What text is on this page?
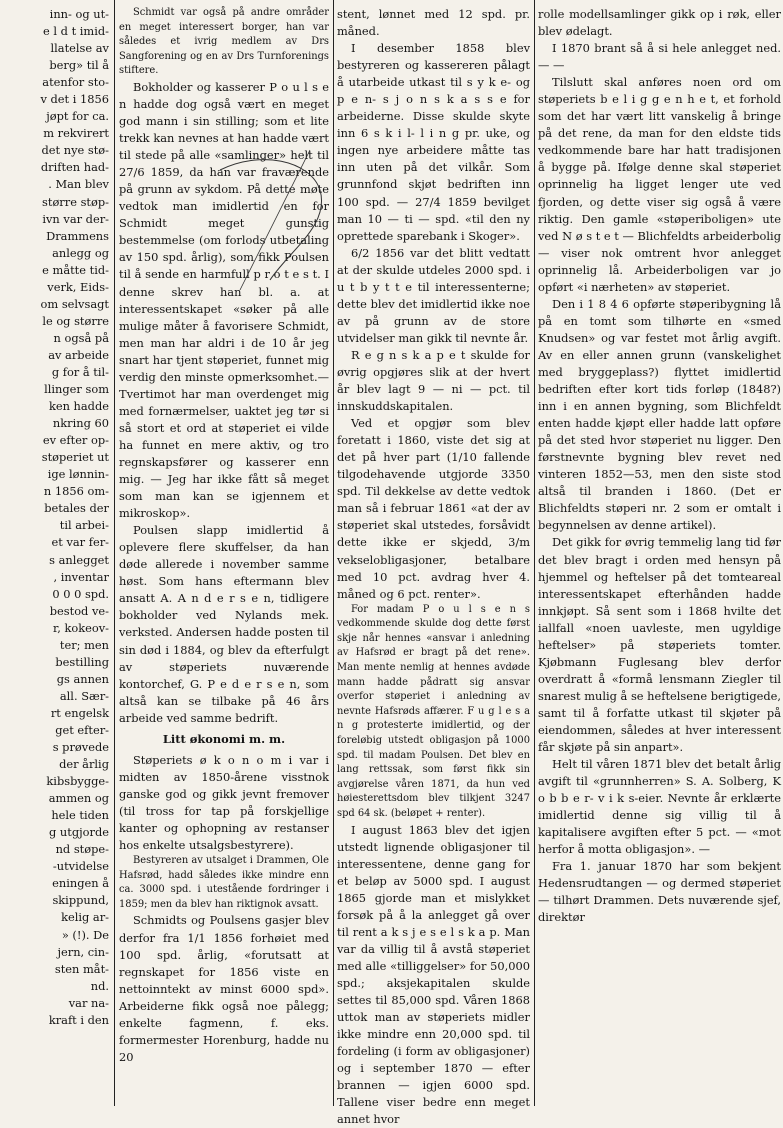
inn- og ut-

e l d t imid-

llatelse av

berg» til å

atenfor sto-

v det i 1856

jøpt for ca.

m rekvirert

det nye stø-

driften had-

. Man blev

større støp-

ivn var der-

Drammens

anlegg og

e måtte tid-

verk, Eids-

om selvsagt

le og større

n også på

av arbeide

g for å til-

llinger som

ken hadde

nkring 60

ev efter op-

støperiet ut

ige lønnin-

n 1856 om-

betales der

til arbei-

et var fer-

s anlegget

, inventar

0 0 0 spd.

bestod ve-

r, kokeov-

ter; men

bestilling

gs annen

all. Sær-

rt engelsk

get efter-

s prøvede

der årlig

kibsbygge-

ammen og

hele tiden

g utgjorde

nd støpe-

-utvidelse

eningen å

skippund,

kelig ar-

» (!). De

jern, cin-

sten måt-

nd.

var na-

kraft i den

Schmidt var også på andre områder en meget interessert borger, han var således et ivrig medlem av Drs Sangforening og en av Drs Turnforenings stiftere.

Bokholder og kasserer P o u l s e n hadde dog også vært en meget god mann i sin stilling; som et lite trekk kan nevnes at han hadde vært til stede på alle «samlinger» helt til 27/6 1859, da han var fraværende på grunn av sykdom. På dette møte vedtok man imidlertid en for Schmidt meget gunstig bestemmelse (om forlods utbetaling av 150 spd. årlig), som fikk Poulsen til å sende en harmfull p r o t e s t. I denne skrev han bl. a. at interessentskapet «søker på alle mulige måter å favorisere Schmidt, men man har aldri i de 10 år jeg snart har tjent støperiet, funnet mig verdig den minste opmerksomhet.— Tvertimot har man overdenget mig med fornærmelser, uaktet jeg tør si så stort et ord at støperiet ei vilde ha funnet en mere aktiv, og tro regnskapsfører og kasserer enn mig. — Jeg har ikke fått så meget som man kan se igjennem et mikroskop».

Poulsen slapp imidlertid å oplevere flere skuffelser, da han døde allerede i november samme høst. Som hans eftermann blev ansatt A. A n d e r s e n, tidligere bokholder ved Nylands mek. verksted. Andersen hadde posten til sin død i 1884, og blev da efterfulgt av støperiets nuværende kontorchef, G. P e d e r s e n, som altså kan se tilbake på 46 års arbeide ved samme bedrift.

Litt økonomi m. m.

Støperiets ø k o n o m i var i midten av 1850-årene visstnok ganske god og gikk jevnt fremover (til tross for tap på forskjellige kanter og ophopning av restanser hos enkelte utsalgsbestyrere).

Bestyreren av utsalget i Drammen, Ole Hafsrød, hadd således ikke mindre enn ca. 3000 spd. i utestående fordringer i 1859; men da blev han riktignok avsatt.

Schmidts og Poulsens gasjer blev derfor fra 1/1 1856 forhøiet med 100 spd. årlig, «forutsatt at regnskapet for 1856 viste en nettoinntekt av minst 6000 spd». Arbeiderne fikk også noe pålegg; enkelte fagmenn, f. eks. formermester Horenburg, hadde nu 20

stent, lønnet med 12 spd. pr. måned.

I desember 1858 blev bestyreren og kassereren pålagt å utarbeide utkast til s y k e- og p e n- s j o n s k a s s e for arbeiderne. Disse skulde skyte inn 6 s k i l- l i n g pr. uke, og ingen nye arbeidere måtte tas inn uten på det vilkår. Som grunnfond skjøt bedriften inn 100 spd. — 27/4 1859 bevilget man 10 — ti — spd. «til den ny oprettede sparebank i Skoger».

6/2 1856 var det blitt vedtatt at der skulde utdeles 2000 spd. i u t b y t t e til interessenterne; dette blev det imidlertid ikke noe av på grunn av de store utvidelser man gikk til nevnte år.

R e g n s k a p e t skulde for øvrig opgjøres slik at der hvert år blev lagt 9 — ni — pct. til innskuddskapitalen.

Ved et opgjør som blev foretatt i 1860, viste det sig at det på hver part (1/10 fallende tilgodehavende utgjorde 3350 spd. Til dekkelse av dette vedtok man så i februar 1861 «at der av støperiet skal utstedes, forsåvidt dette ikke er skjedd, 3/m vekselobligasjoner, betalbare med 10 pct. avdrag hver 4. måned og 6 pct. renter».

For madam P o u l s e n s vedkommende skulde dog dette først skje når hennes «ansvar i anledning av Hafsrød er bragt på det rene». Man mente nemlig at hennes avdøde mann hadde pådratt sig ansvar overfor støperiet i anledning av nevnte Hafsrøds affærer. F u g l e s a n g protesterte imidlertid, og der foreløbig utstedt obligasjon på 1000 spd. til madam Poulsen. Det blev en lang rettssak, som først fikk sin avgjørelse våren 1871, da hun ved høiesterettsdom blev tilkjent 3247 spd 64 sk. (beløpet + renter).

I august 1863 blev det igjen utstedt lignende obligasjoner til interessentene, denne gang for et beløp av 5000 spd. I august 1865 gjorde man et mislykket forsøk på å la anlegget gå over til rent a k s j e s e l s k a p. Man var da villig til å avstå støperiet med alle «tilliggelser» for 50,000 spd.; aksjekapitalen skulde settes til 85,000 spd. Våren 1868 uttok man av støperiets midler ikke mindre enn 20,000 spd. til fordeling (i form av obligasjoner) og i september 1870 — efter brannen — igjen 6000 spd. Tallene viser bedre enn meget annet hvor

rolle modellsamlinger gikk op i røk, eller blev ødelagt.

I 1870 brant så å si hele anlegget ned. — —

Tilslutt skal anføres noen ord om støperiets b e l i g g e n h e t, et forhold som det har vært litt vanskelig å bringe på det rene, da man for den eldste tids vedkommende bare har hatt tradisjonen å bygge på. Ifølge denne skal støperiet oprinnelig ha ligget lenger ute ved fjorden, og dette viser sig også å være riktig. Den gamle «støperiboligen» ute ved N ø s t e t — Blichfeldts arbeiderbolig — viser nok omtrent hvor anlegget oprinnelig lå. Arbeiderboligen var jo opført «i nærheten» av støperiet.

Den i 1 8 4 6 opførte støperibygning lå på en tomt som tilhørte en «smed Knudsen» og var festet mot årlig avgift. Av en eller annen grunn (vanskelighet med bryggeplass?) flyttet imidlertid bedriften efter kort tids forløp (1848?) inn i en annen bygning, som Blichfeldt enten hadde kjøpt eller hadde latt opføre på det sted hvor støperiet nu ligger. Den førstnevnte bygning blev revet ned vinteren 1852—53, men den siste stod altså til branden i 1860. (Det er Blichfeldts støperi nr. 2 som er omtalt i begynnelsen av denne artikel).

Det gikk for øvrig temmelig lang tid før det blev bragt i orden med hensyn på hjemmel og heftelser på det tomteareal interessentskapet efterhånden hadde innkjøpt. Så sent som i 1868 hvilte det iallfall «noen uavleste, men ugyldige heftelser» på støperiets tomter. Kjøbmann Fuglesang blev derfor overdratt å «formå lensmann Ziegler til snarest mulig å se heftelsene berigtigede, samt til å forfatte utkast til skjøter på eiendommen, således at hver interessent får skjøte på sin anpart».

Helt til våren 1871 blev det betalt årlig avgift til «grunnherren» S. A. Solberg, K o b b e r- v i k s-eier. Nevnte år erklærte imidlertid denne sig villig til å kapitalisere avgiften efter 5 pct. — «mot herfor å motta obligasjon». —

Fra 1. januar 1870 har som bekjent Hedensrudtangen — og dermed støperiet — tilhørt Drammen. Dets nuværende sjef, direktør
